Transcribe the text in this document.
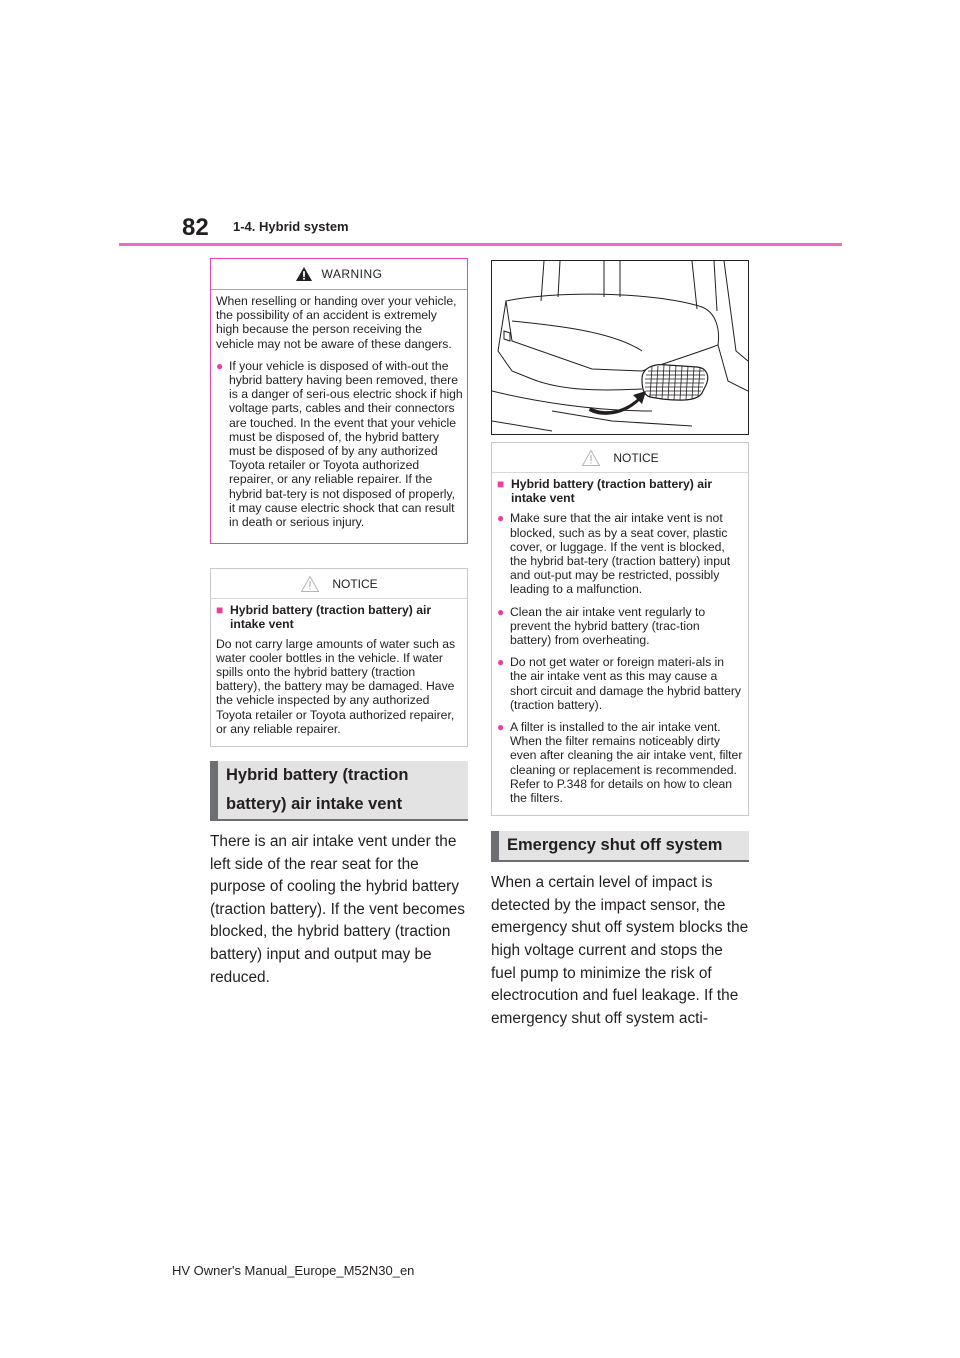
82 1-4. Hybrid system
WARNING

When reselling or handing over your vehicle, the possibility of an accident is extremely high because the person receiving the vehicle may not be aware of these dangers.

● If your vehicle is disposed of with-out the hybrid battery having been removed, there is a danger of seri-ous electric shock if high voltage parts, cables and their connectors are touched. In the event that your vehicle must be disposed of, the hybrid battery must be disposed of by any authorized Toyota retailer or Toyota authorized repairer, or any reliable repairer. If the hybrid bat-tery is not disposed of properly, it may cause electric shock that can result in death or serious injury.
NOTICE
■ Hybrid battery (traction battery) air intake vent

Do not carry large amounts of water such as water cooler bottles in the vehicle. If water spills onto the hybrid battery (traction battery), the battery may be damaged. Have the vehicle inspected by any authorized Toyota retailer or Toyota authorized repairer, or any reliable repairer.

Hybrid battery (traction battery) air intake vent

There is an air intake vent under the left side of the rear seat for the purpose of cooling the hybrid battery (traction battery). If the vent becomes blocked, the hybrid battery (traction battery) input and output may be reduced.

NOTICE
■ Hybrid battery (traction battery) air intake vent
● Make sure that the air intake vent is not blocked, such as by a seat cover, plastic cover, or luggage. If the vent is blocked, the hybrid bat-tery (traction battery) input and out-put may be restricted, possibly leading to a malfunction.
● Clean the air intake vent regularly to prevent the hybrid battery (trac-tion battery) from overheating.
● Do not get water or foreign materi-als in the air intake vent as this may cause a short circuit and damage the hybrid battery (traction battery).
● A filter is installed to the air intake vent. When the filter remains noticeably dirty even after cleaning the air intake vent, filter cleaning or replacement is recommended. Refer to P.348 for details on how to clean the filters.
Emergency shut off system

When a certain level of impact is detected by the impact sensor, the emergency shut off system blocks the high voltage current and stops the fuel pump to minimize the risk of electrocution and fuel leakage. If the emergency shut off system acti-

HV Owner's Manual_Europe_M52N30_en
